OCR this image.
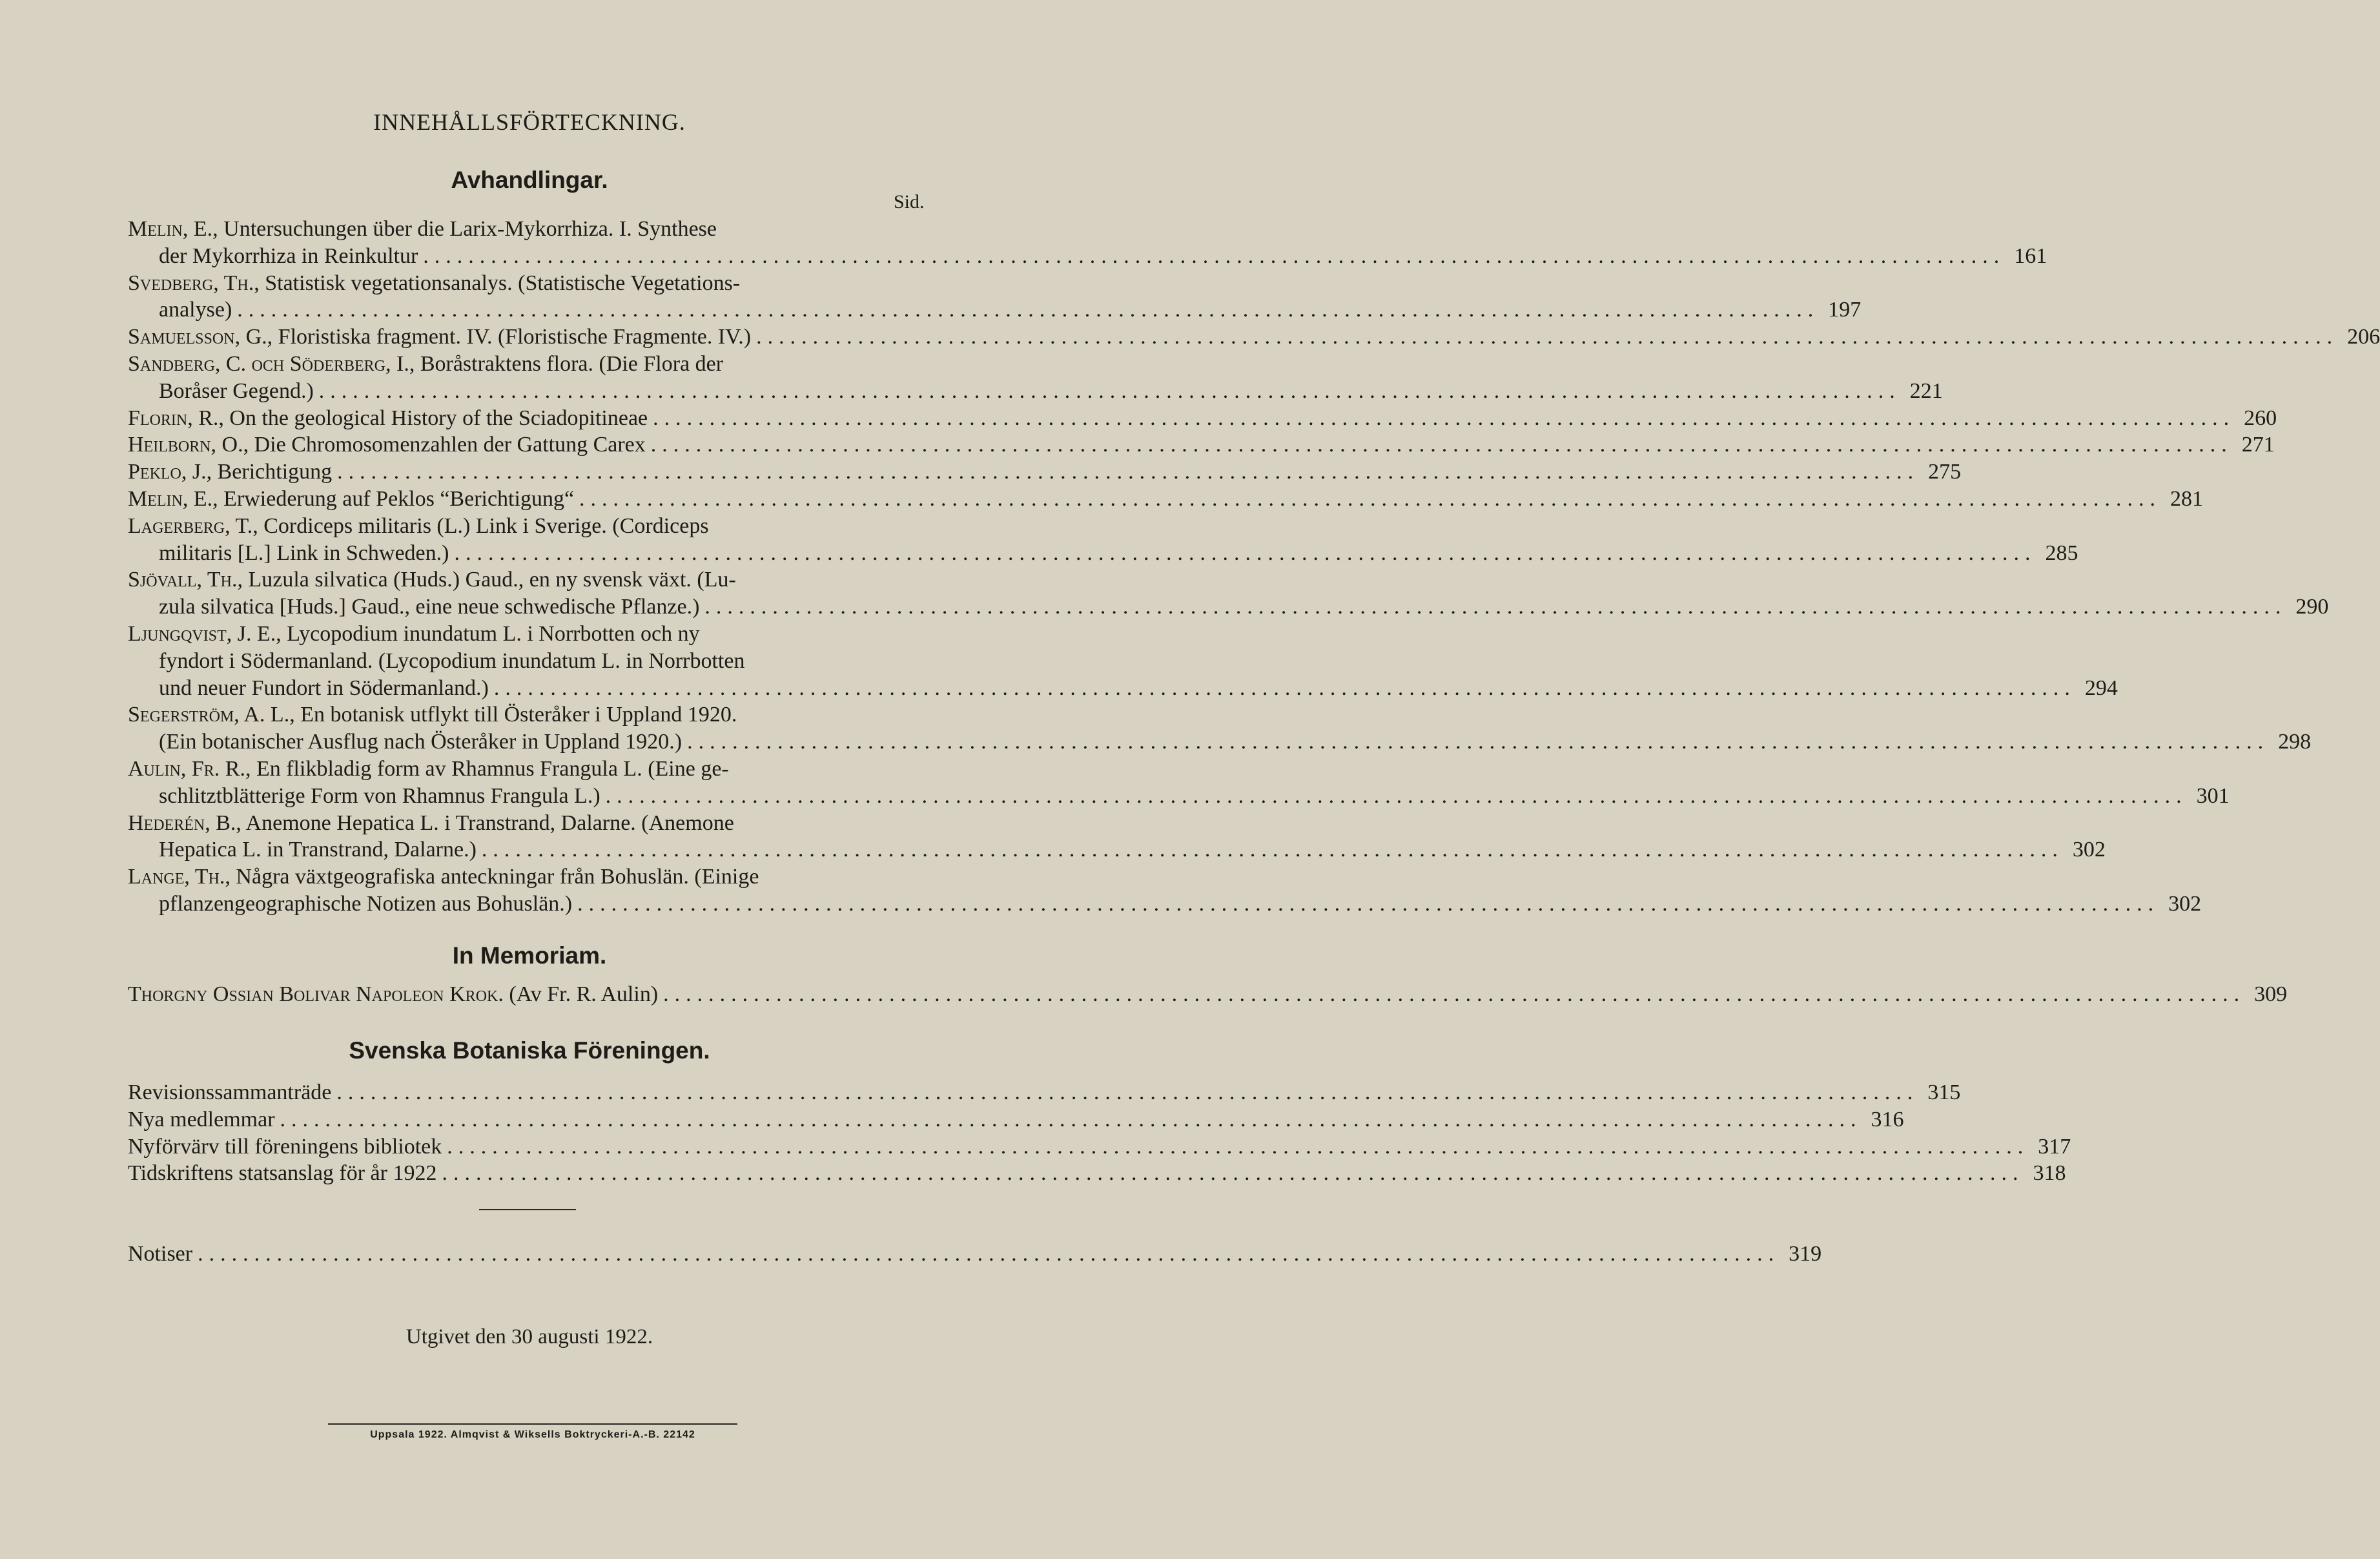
INNEHÅLLSFÖRTECKNING.
Avhandlingar.
Sid.
Melin, E., Untersuchungen über die Larix-Mykorrhiza. I. Synthese
der Mykorrhiza in Reinkultur ............................................................................................................................................ 161
Svedberg, Th., Statistisk vegetationsanalys. (Statistische Vegetations-
analyse) ............................................................................................................................................ 197
Samuelsson, G., Floristiska fragment. IV. (Floristische Fragmente. IV.) ............................................................................................................................................ 206
Sandberg, C. och Söderberg, I., Boråstraktens flora. (Die Flora der
Boråser Gegend.) ............................................................................................................................................ 221
Florin, R., On the geological History of the Sciadopitineae ............................................................................................................................................ 260
Heilborn, O., Die Chromosomenzahlen der Gattung Carex ............................................................................................................................................ 271
Peklo, J., Berichtigung ............................................................................................................................................ 275
Melin, E., Erwiederung auf Peklos “Berichtigung“ ............................................................................................................................................ 281
Lagerberg, T., Cordiceps militaris (L.) Link i Sverige. (Cordiceps
militaris [L.] Link in Schweden.) ............................................................................................................................................ 285
Sjövall, Th., Luzula silvatica (Huds.) Gaud., en ny svensk växt. (Lu-
zula silvatica [Huds.] Gaud., eine neue schwedische Pflanze.) ............................................................................................................................................ 290
Ljungqvist, J. E., Lycopodium inundatum L. i Norrbotten och ny
fyndort i Södermanland. (Lycopodium inundatum L. in Norrbotten
und neuer Fundort in Södermanland.) ............................................................................................................................................ 294
Segerström, A. L., En botanisk utflykt till Österåker i Uppland 1920.
(Ein botanischer Ausflug nach Österåker in Uppland 1920.) ............................................................................................................................................ 298
Aulin, Fr. R., En flikbladig form av Rhamnus Frangula L. (Eine ge-
schlitztblätterige Form von Rhamnus Frangula L.) ............................................................................................................................................ 301
Hederén, B., Anemone Hepatica L. i Transtrand, Dalarne. (Anemone
Hepatica L. in Transtrand, Dalarne.) ............................................................................................................................................ 302
Lange, Th., Några växtgeografiska anteckningar från Bohuslän. (Einige
pflanzengeographische Notizen aus Bohuslän.) ............................................................................................................................................ 302
In Memoriam.
Thorgny Ossian Bolivar Napoleon Krok. (Av Fr. R. Aulin) ............................................................................................................................................ 309
Svenska Botaniska Föreningen.
Revisionssammanträde ............................................................................................................................................ 315
Nya medlemmar ............................................................................................................................................ 316
Nyförvärv till föreningens bibliotek ............................................................................................................................................ 317
Tidskriftens statsanslag för år 1922 ............................................................................................................................................ 318
Notiser ............................................................................................................................................ 319
Utgivet den 30 augusti 1922.
Uppsala 1922. Almqvist & Wiksells Boktryckeri-A.-B. 22142
